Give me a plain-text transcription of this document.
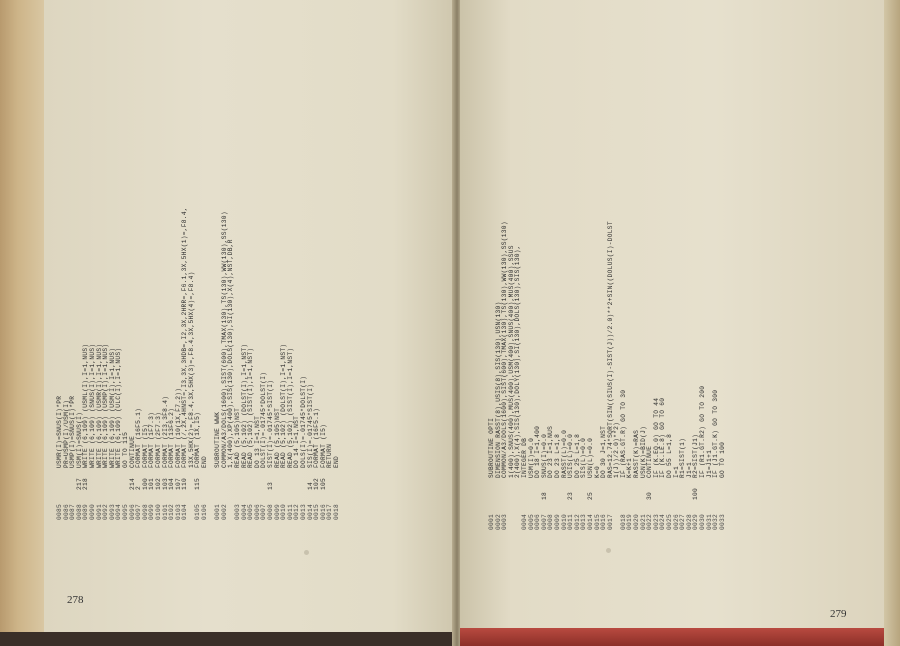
0085
USMR(I)=SNUS(I)*PR
0086
PR=USMP(I)/USM(I)
0087
USMP(I)=SNUS(I)*PR
0088
217
USM(I)=SNUS(I)
0089
218
WRITE (6,109) (USML(I),I=1,NUS)
0090
WRITE (6,109) (SNUS(I),I=1,NUS)
0091
WRITE (6,109) (USMR(I),I=1,NUS)
0092
WRITE (6,109) (USMP(I),I=1,NUS)
0093
WRITE (6,109) (USM(I),I=1,NUS)
0094
WRITE (6,109) (ULC(I),I=1,NUS)
0095
GO TO 115
0096
214
CONTINUE
0097
2
FORMAT (16F5.1)
0098
100
FORMAT (I5)
0099
101
FORMAT (1F7.3)
0100
102
FORMAT (2F7.3)
0101
103
FORMAT (2I3,3F8.4)
0102
104
FORMAT (13F6.2)
0103
107
FORMAT (10(1X,F7.2))
0104
110
FORMAT (/,2X,4HNST=,I3,3X,3HDB=,I2,3X,2HRR=,F6.1,3X,5HX(1)=,F8.4, 13X,5HX(2)=,F8.4,3X,5HX(3)=,F8.4,3X,5HX(4)=,F8.4)
0105
115
FORMAT (1X,I5)
0106
END
0001
SUBROUTINE WWK
0002
COMMON/A3/DOLS(1600),SIST(600),TMAX(130),TS(130),WW(130),SS(130) 1,X(400),XP(400),SIS(130),DOLS(130),SI(130),X(4),NST,DB,R
0003
READ (5,105)NST
0004
READ (5,102) (DOLST(I),I=1,NST)
0005
READ (5,102) (SIST(I),I=1,NST)
0006
DO 13 I=1,NST
0007
DOLST(I)=.01745*DOLST(I)
0008
13
SIST(I)=.01745*SIST(I)
0009
READ (5,105)NST
0010
READ (5,102) (DOLST(I),I=1,NST)
0011
READ (5,102) (SIST(I),I=1,NST)
0012
DO 14 I=1,NST
0013
DOLS(I)=.01745*DOLST(I)
0014
14
SIS(I)=.01745*SIST(I)
0015
102
FORMAT (16F5.1)
0016
105
FORMAT (I5)
0017
RETURN
0018
END
0001
SUBROUTINE OPTI
0002
DIMENSION RASST(8),USIS(8),SIS(130),USN(130)
0003
COMMON/A3/DOLS(1600),SIST(600),TMAX(130),TS(130),WW(130),SS(130) 1(400),SNUS(400),MUS(400),USM(400),SNUS(400),MUS(400),SSUS 2(400),X(4),SIS(130),DOLY(130),SI(130),DOLS(130),SIS(130),
0004
INTEGER DB
0005
USM(I)=0.0
0006
DO 18 I=1,400
0007
18
SNUS(I)=0.0
0008
DO 23 I=1,NUS
0009
DO 23 L=1,8
0010
RASST(L)=0.0
0011
23
USIS(L)=0.0
0012
DO 25 L=1,8
0013
SIS(L)=0.0
0014
25
USN(L)=0.0
0015
K=0
0016
DO 30 J=1,NST
0017
RAS=12.74*SQRT(SIN((SIUS(I)-SIST(J))/2.0)**2+SIN((DOLUS(I)-DOLST 1(J))/2.0)**2)
0018
IF (RAS.GT.R) GO TO 30
0019
K=K+1
0020
RASST(K)=RAS
0021
USN(K)=BID(J)
0022
30
CONTINUE
0023
IF (K.EQ.0) GO TO 44
0024
IF (K.LE.8) GO TO 60
0025
DO 55 L=1,8
0026
I=1
0027
R1=SIST(1)
0028
J1=1
0029
100
R2=SIST(J1)
0030
IF (R1.GT.R2) GO TO 200
0031
J1=J1+1
0032
IF (J1.GT.K) GO TO 300
0033
GO TO 100
278
279
